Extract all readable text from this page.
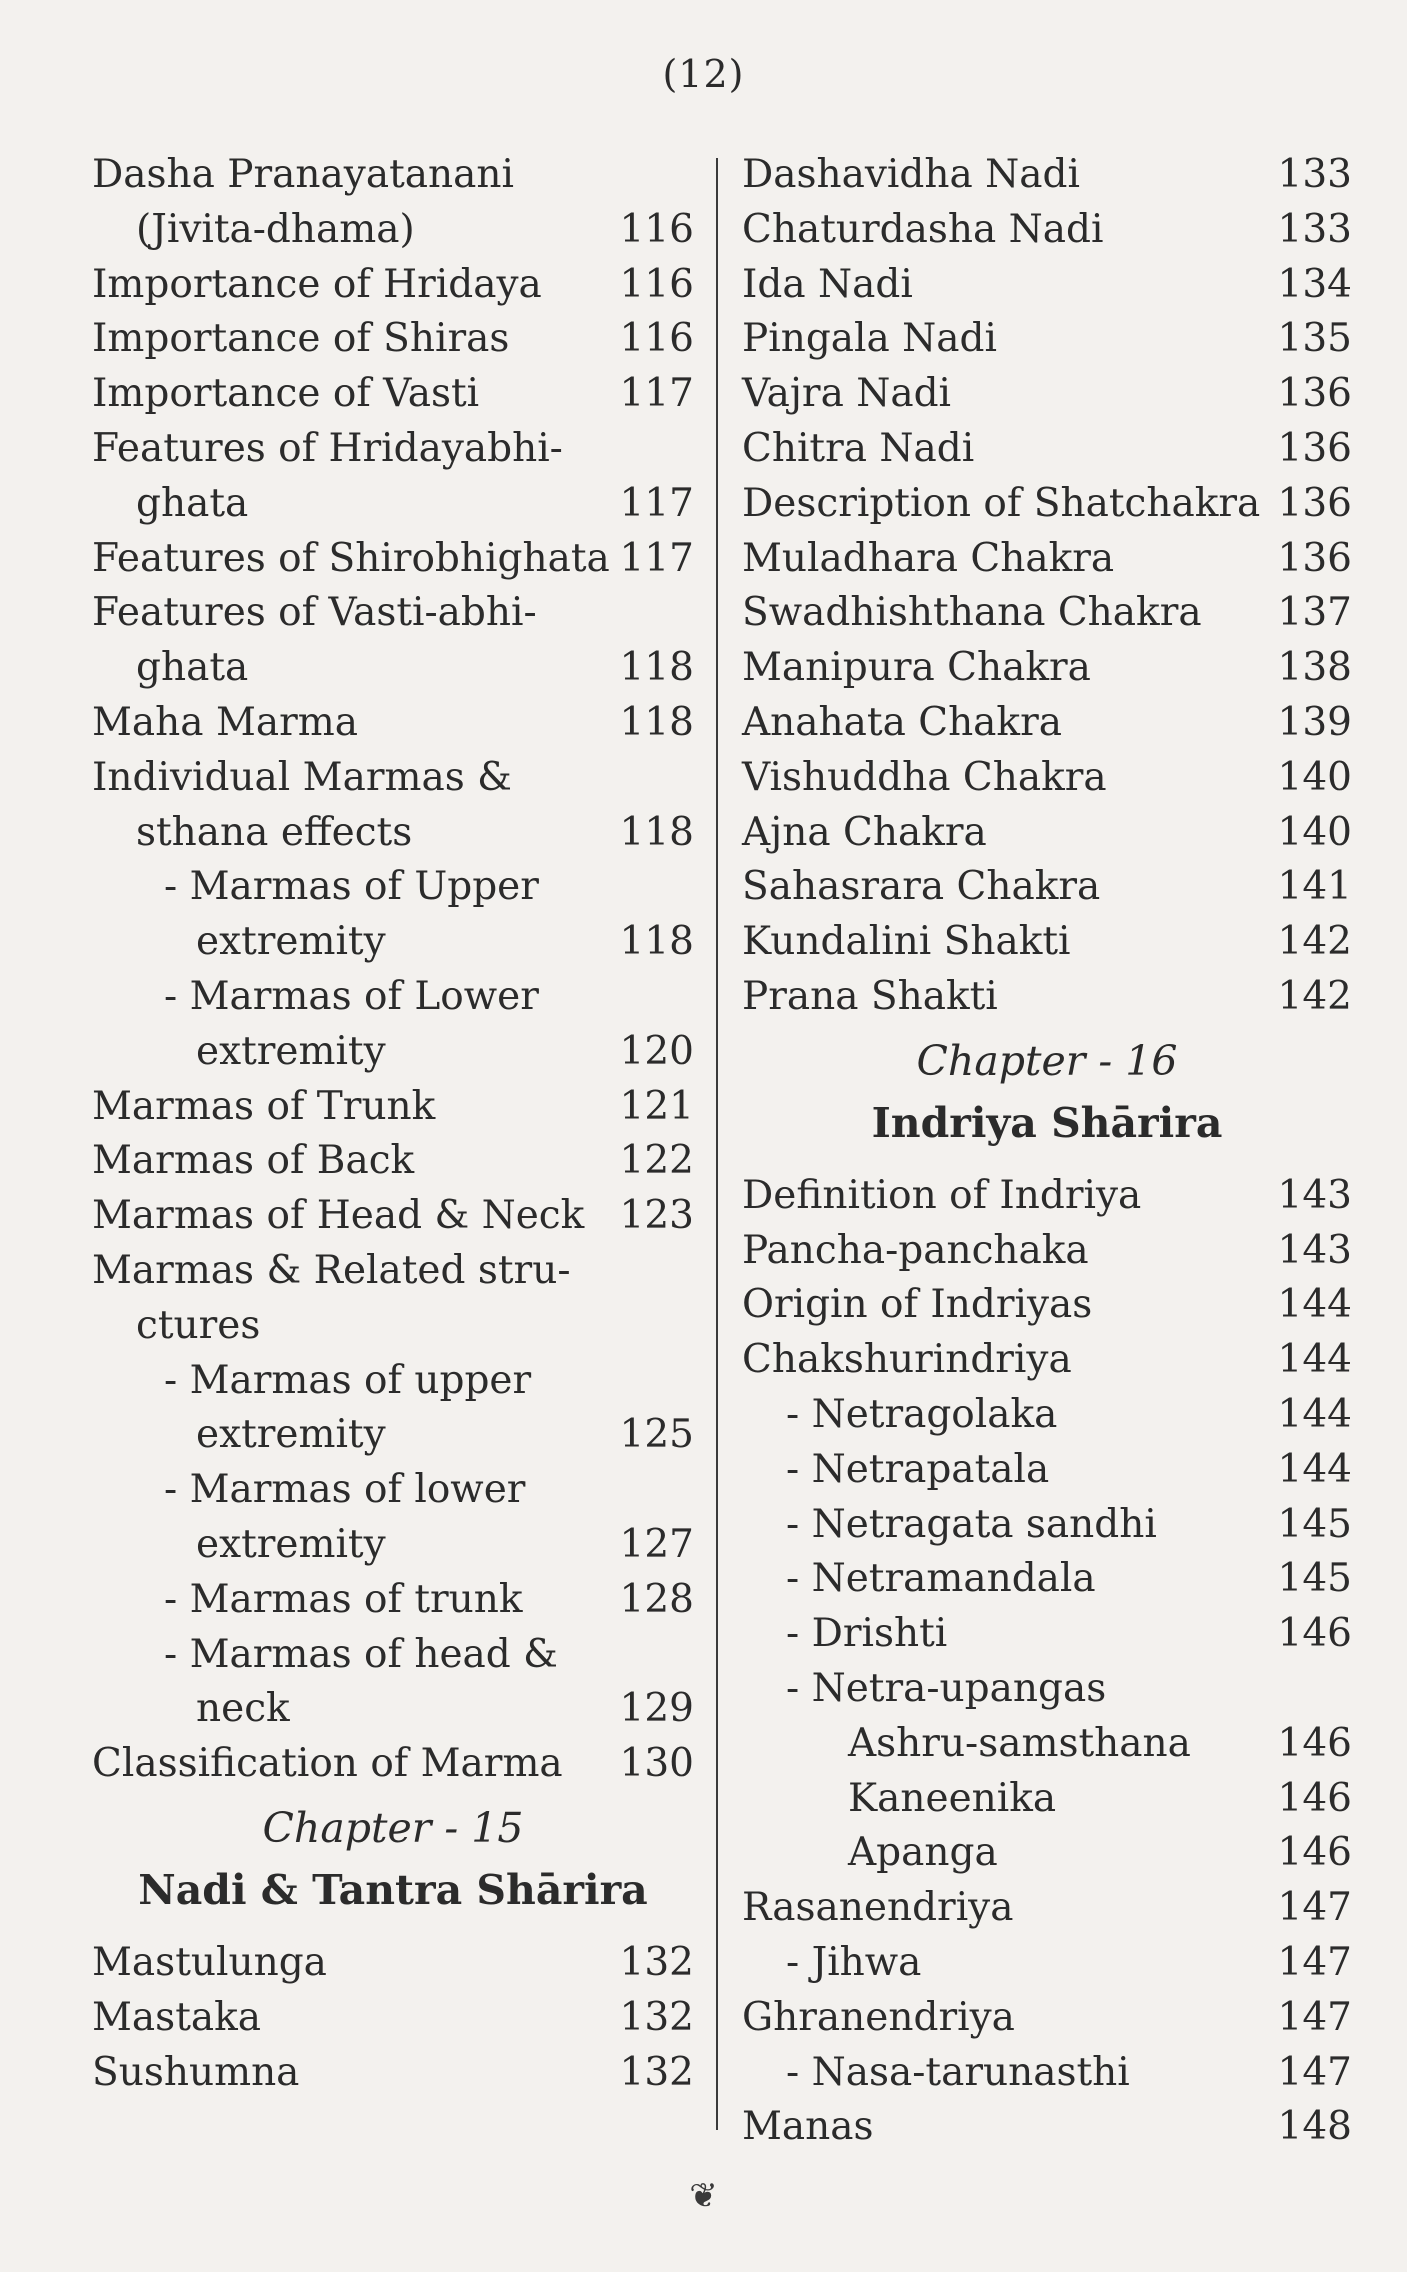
(12)
Dasha Pranayatanani
(Jivita-dhama)	116
Importance of Hridaya 116
Importance of Shiras	116
Importance of Vasti	117
Features of Hridayabhi-
ghata	117
Features of Shirobhighata 117
Features of Vasti-abhi-
ghata	118
Maha Marma	118
Individual Marmas &
sthana effects	118
- Marmas of Upper
extremity	118
- Marmas of Lower
extremity	120
Marmas of Trunk	121
Marmas of Back	122
Marmas of Head & Neck 123
Marmas & Related stru-
ctures
- Marmas of upper
extremity	125
- Marmas of lower
extremity	127
- Marmas of trunk 128
- Marmas of head &
neck	129
Classification of Marma 130
Chapter - 15
Nadi & Tantra Shārira
Mastulunga	132
Mastaka	132
Sushumna	132
Dashavidha Nadi	133
Chaturdasha Nadi	133
Ida Nadi	134
Pingala Nadi	135
Vajra Nadi	136
Chitra Nadi	136
Description of Shatchakra 136
Muladhara Chakra	136
Swadhishthana Chakra 137
Manipura Chakra	138
Anahata Chakra	139
Vishuddha Chakra	140
Ajna Chakra	140
Sahasrara Chakra	141
Kundalini Shakti	142
Prana Shakti	142
Chapter - 16
Indriya Shārira
Definition of Indriya	143
Pancha-panchaka	143
Origin of Indriyas	144
Chakshurindriya	144
- Netragolaka	144
- Netrapatala	144
- Netragata sandhi	145
- Netramandala	145
- Drishti	146
- Netra-upangas
Ashru-samsthana 146
Kaneenika	146
Apanga	146
Rasanendriya	147
- Jihwa	147
Ghranendriya	147
- Nasa-tarunasthi	147
Manas	148
❦
